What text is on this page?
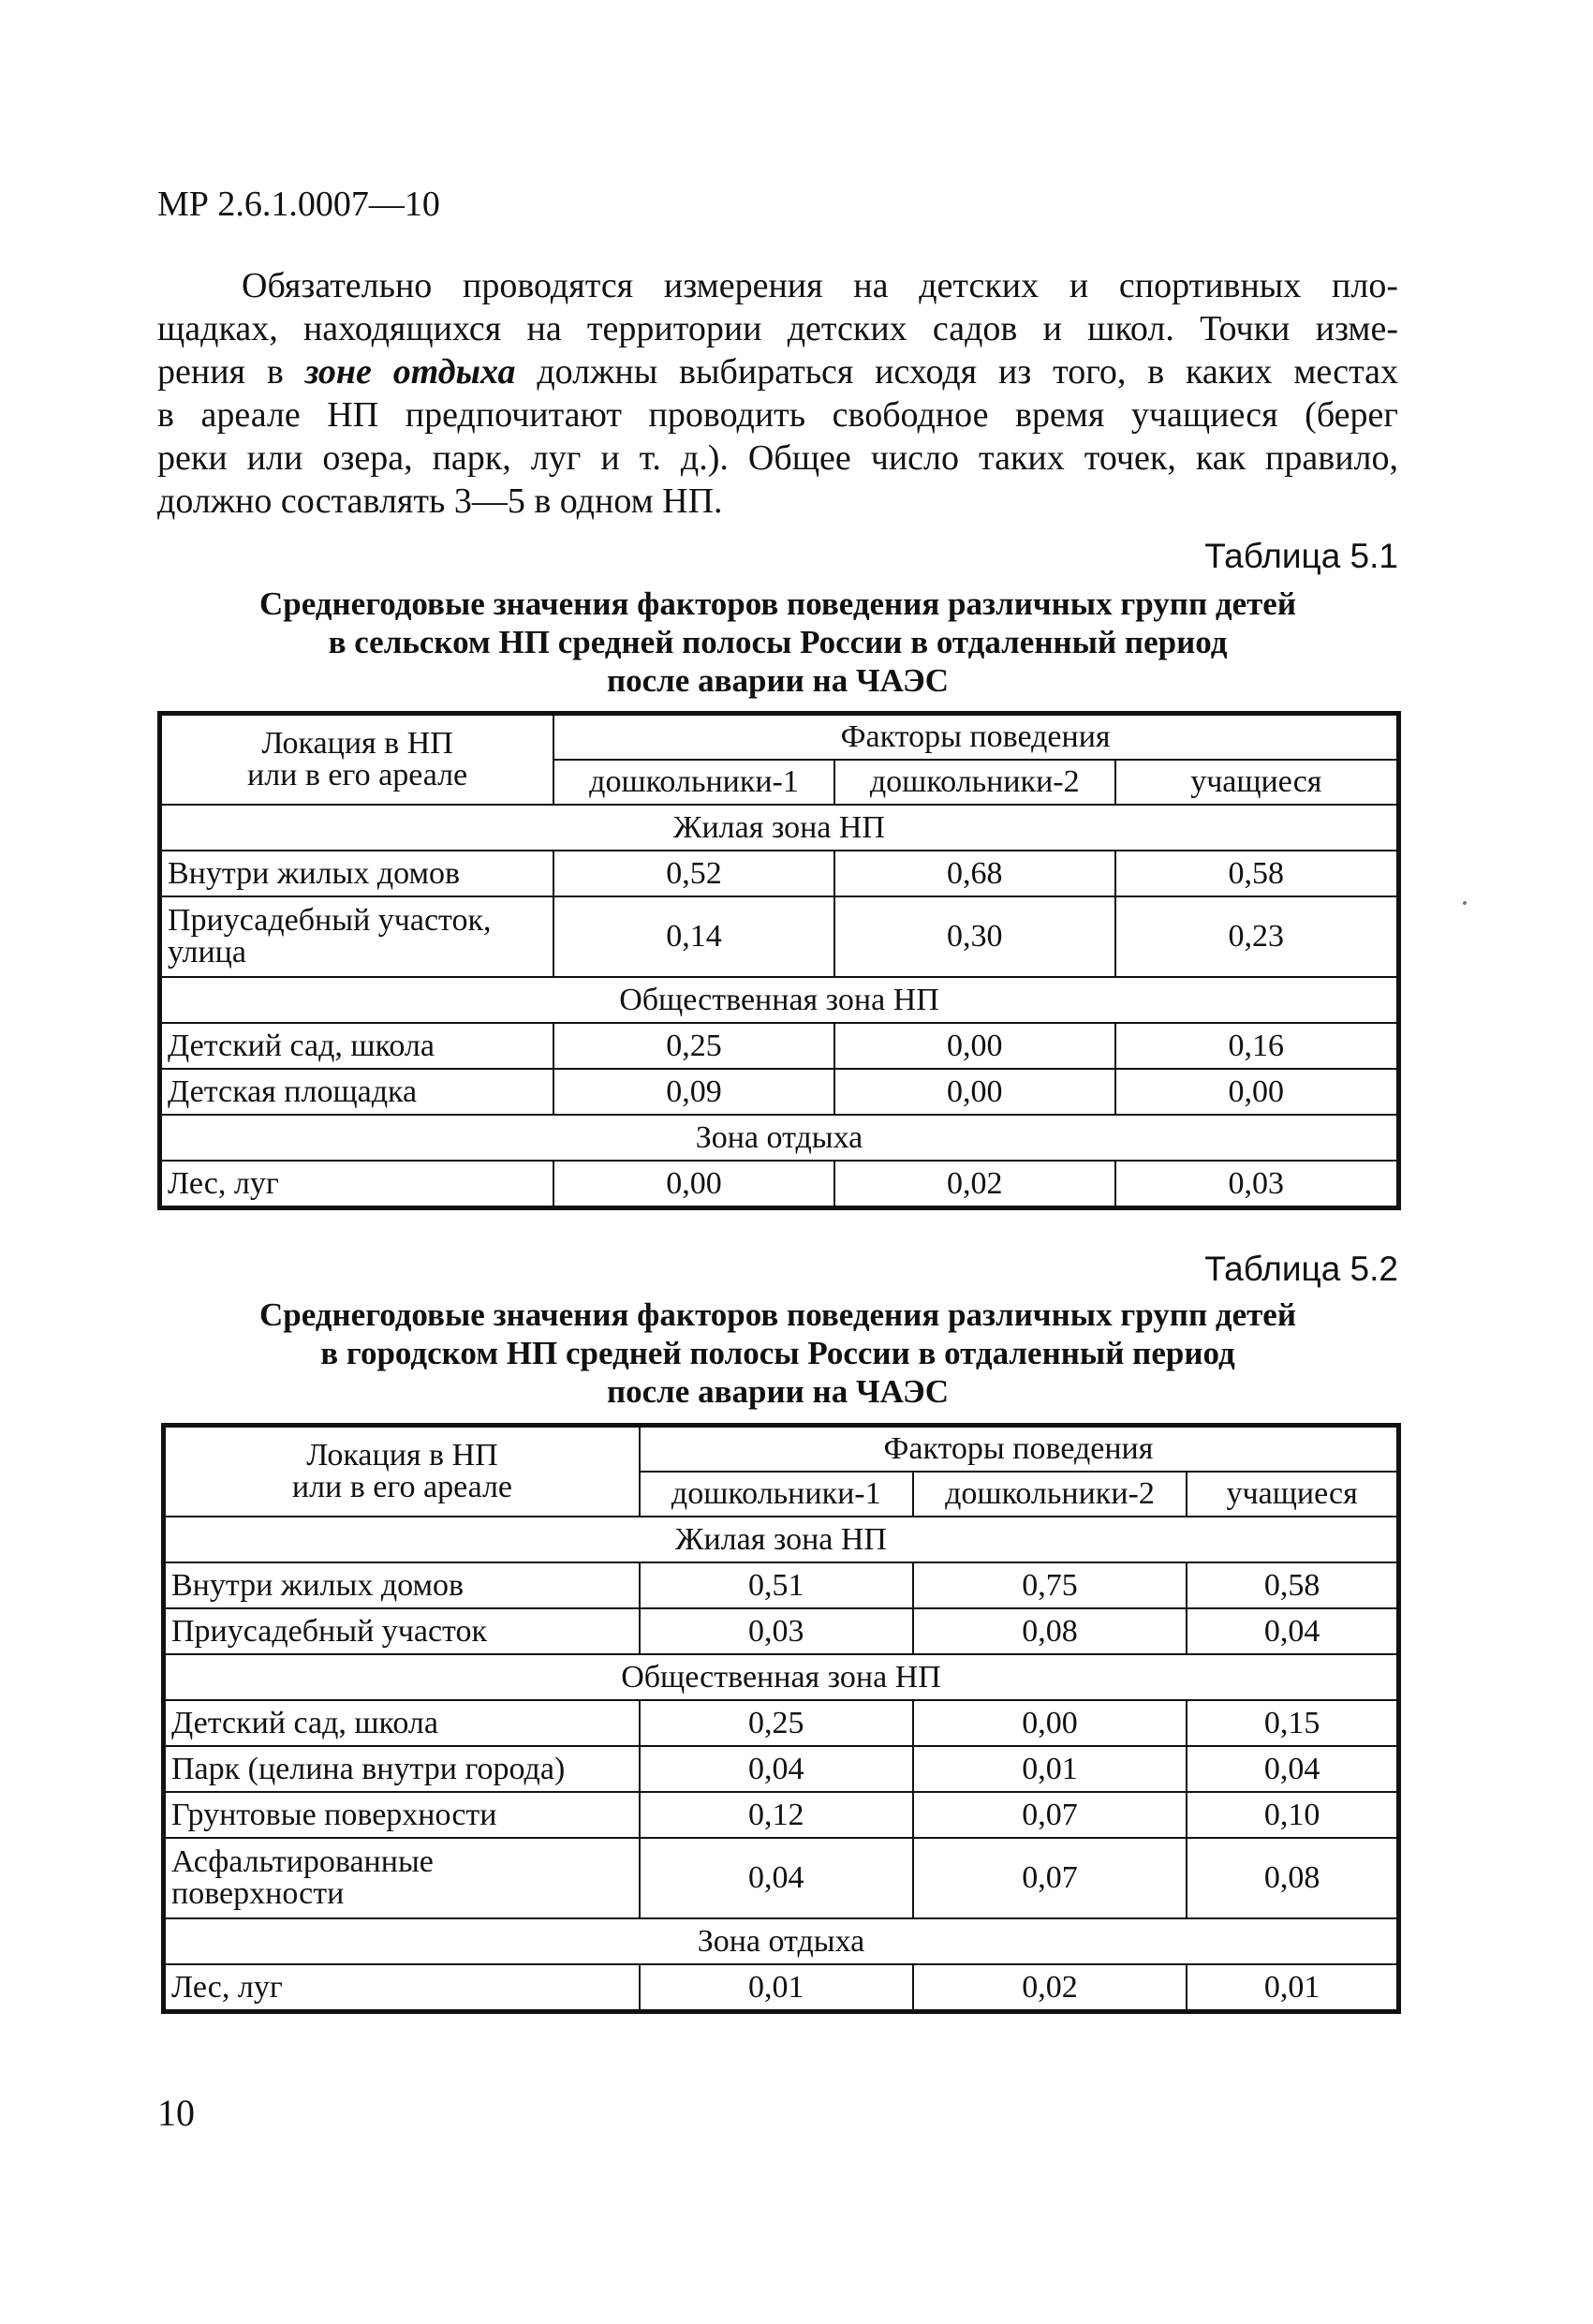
МР 2.6.1.0007—10
Обязательно проводятся измерения на детских и спортивных пло-
щадках, находящихся на территории детских садов и школ. Точки изме-
рения в зоне отдыха должны выбираться исходя из того, в каких местах
в ареале НП предпочитают проводить свободное время учащиеся (берег
реки или озера, парк, луг и т. д.). Общее число таких точек, как правило,
должно составлять 3—5 в одном НП.
Таблица 5.1
Среднегодовые значения факторов поведения различных групп детей
в сельском НП средней полосы России в отдаленный период
после аварии на ЧАЭС
Локация в НП
или в его ареале	Факторы поведения		
	дошкольники-1	дошкольники-2	учащиеся
Жилая зона НП			
Внутри жилых домов	0,52	0,68	0,58

Приусадебный участок,
улица	0,14	0,30	0,23
Общественная зона НП			
Детский сад, школа	0,25	0,00	0,16
Детская площадка	0,09	0,00	0,00
Зона отдыха			
Лес, луг	0,00	0,02	0,03
Таблица 5.2
Среднегодовые значения факторов поведения различных групп детей
в городском НП средней полосы России в отдаленный период
после аварии на ЧАЭС
Локация в НП
или в его ареале	Факторы поведения		
	дошкольники-1	дошкольники-2	учащиеся
Жилая зона НП			
Внутри жилых домов	0,51	0,75	0,58
Приусадебный участок	0,03	0,08	0,04
Общественная зона НП			
Детский сад, школа	0,25	0,00	0,15
Парк (целина внутри города)	0,04	0,01	0,04
Грунтовые поверхности	0,12	0,07	0,10

Асфальтированные
поверхности	0,04	0,07	0,08
Зона отдыха			
Лес, луг	0,01	0,02	0,01
10
